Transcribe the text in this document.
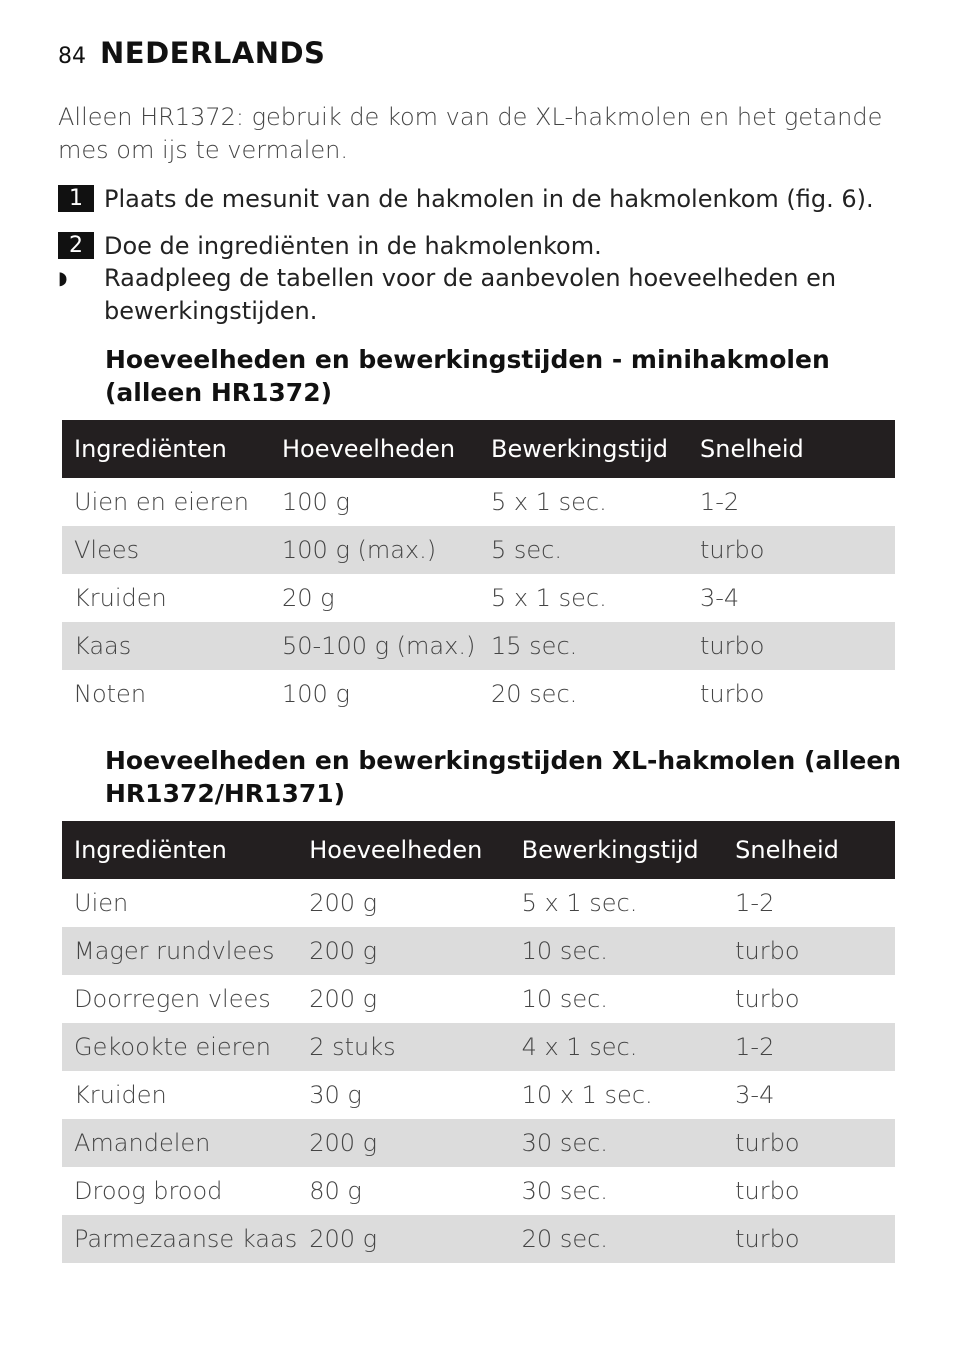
84 NEDERLANDS
Alleen HR1372: gebruik de kom van de XL-hakmolen en het getande mes om ijs te vermalen.
1 Plaats de mesunit van de hakmolen in de hakmolenkom (fig. 6).
2 Doe de ingrediënten in de hakmolenkom.
◗	Raadpleeg de tabellen voor de aanbevolen hoeveelheden en bewerkingstijden.
Hoeveelheden en bewerkingstijden - minihakmolen (alleen HR1372)
Ingrediënten	Hoeveelheden	Bewerkingstijd	Snelheid
Uien en eieren	100 g	5 x 1 sec.	1-2
Vlees	100 g (max.)	5 sec.	turbo
Kruiden	20 g	5 x 1 sec.	3-4
Kaas	50-100 g (max.)	15 sec.	turbo
Noten	100 g	20 sec.	turbo
Hoeveelheden en bewerkingstijden XL-hakmolen (alleen HR1372/HR1371)
Ingrediënten	Hoeveelheden	Bewerkingstijd	Snelheid
Uien	200 g	5 x 1 sec.	1-2
Mager rundvlees	200 g	10 sec.	turbo
Doorregen vlees	200 g	10 sec.	turbo
Gekookte eieren	2 stuks	4 x 1 sec.	1-2
Kruiden	30 g	10 x 1 sec.	3-4
Amandelen	200 g	30 sec.	turbo
Droog brood	80 g	30 sec.	turbo
Parmezaanse kaas	200 g	20 sec.	turbo
